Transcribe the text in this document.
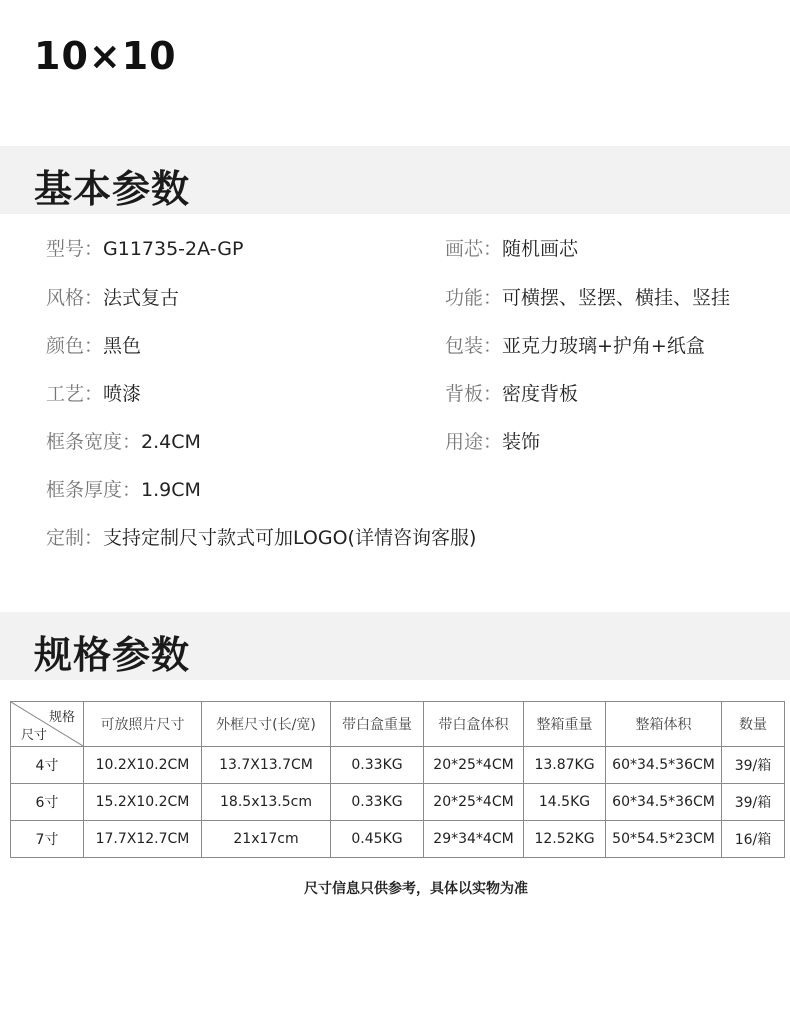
10×10
基本参数
型号：G11735-2A-GP
风格：法式复古
颜色：黑色
工艺：喷漆
框条宽度：2.4CM
框条厚度：1.9CM
定制：支持定制尺寸款式可加LOGO(详情咨询客服)
画芯：随机画芯
功能：可横摆、竖摆、横挂、竖挂
包装：亚克力玻璃+护角+纸盒
背板：密度背板
用途：装饰
规格参数
规格
尺寸	可放照片尺寸	外框尺寸(长/宽)	带白盒重量	带白盒体积	整箱重量	整箱体积	数量
4寸	10.2X10.2CM	13.7X13.7CM	0.33KG	20*25*4CM	13.87KG	60*34.5*36CM	39/箱
6寸	15.2X10.2CM	18.5x13.5cm	0.33KG	20*25*4CM	14.5KG	60*34.5*36CM	39/箱
7寸	17.7X12.7CM	21x17cm	0.45KG	29*34*4CM	12.52KG	50*54.5*23CM	16/箱
尺寸信息只供参考，具体以实物为准
